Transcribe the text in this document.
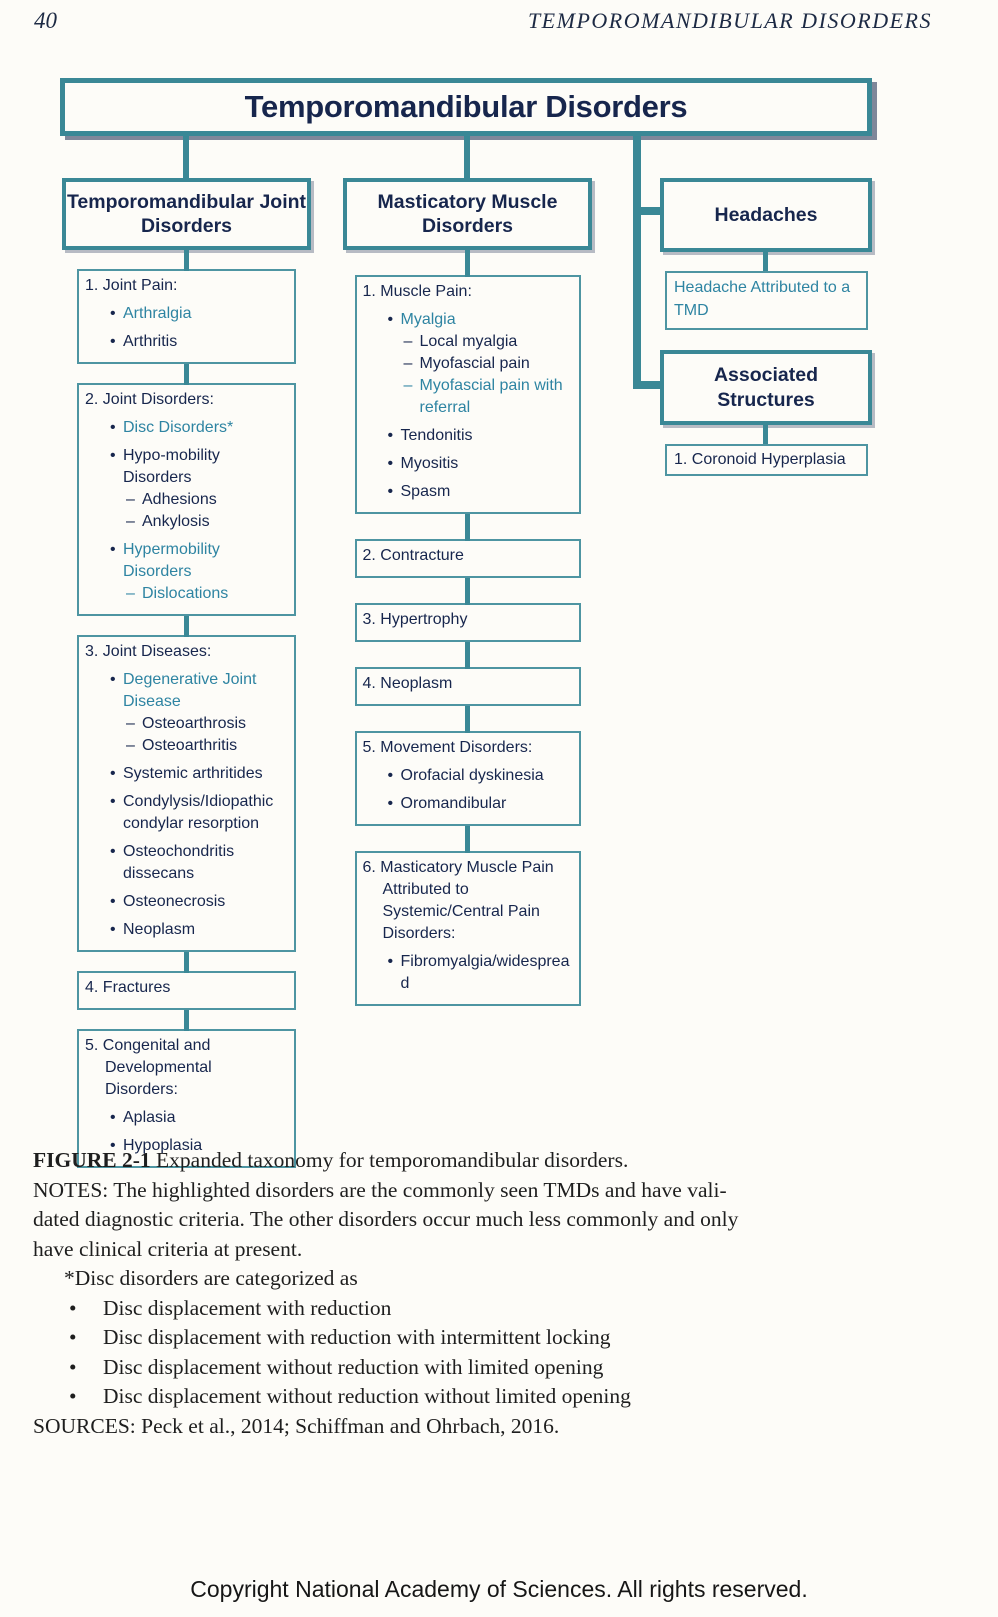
40	TEMPOROMANDIBULAR DISORDERS
Temporomandibular Disorders
Temporomandibular Joint Disorders
1. Joint Pain:
• Arthralgia
• Arthritis
2. Joint Disorders:
• Disc Disorders*
• Hypo-mobility Disorders
– Adhesions
– Ankylosis
• Hypermobility Disorders
– Dislocations
3. Joint Diseases:
• Degenerative Joint Disease
– Osteoarthrosis
– Osteoarthritis
• Systemic arthritides
• Condylysis/Idiopathic condylar resorption
• Osteochondritis dissecans
• Osteonecrosis
• Neoplasm
4. Fractures
5. Congenital and Developmental Disorders:
• Aplasia
• Hypoplasia
Masticatory Muscle Disorders
1. Muscle Pain:
• Myalgia
– Local myalgia
– Myofascial pain
– Myofascial pain with referral
• Tendonitis
• Myositis
• Spasm
2. Contracture
3. Hypertrophy
4. Neoplasm
5. Movement Disorders:
• Orofacial dyskinesia
• Oromandibular
6. Masticatory Muscle Pain Attributed to Systemic/Central Pain Disorders:
• Fibromyalgia/widespread
Headaches
Headache Attributed to a TMD
Associated Structures
1. Coronoid Hyperplasia
FIGURE 2-1 Expanded taxonomy for temporomandibular disorders.
NOTES: The highlighted disorders are the commonly seen TMDs and have vali-
dated diagnostic criteria. The other disorders occur much less commonly and only
have clinical criteria at present.
*Disc disorders are categorized as
• Disc displacement with reduction
• Disc displacement with reduction with intermittent locking
• Disc displacement without reduction with limited opening
• Disc displacement without reduction without limited opening
SOURCES: Peck et al., 2014; Schiffman and Ohrbach, 2016.
Copyright National Academy of Sciences. All rights reserved.
